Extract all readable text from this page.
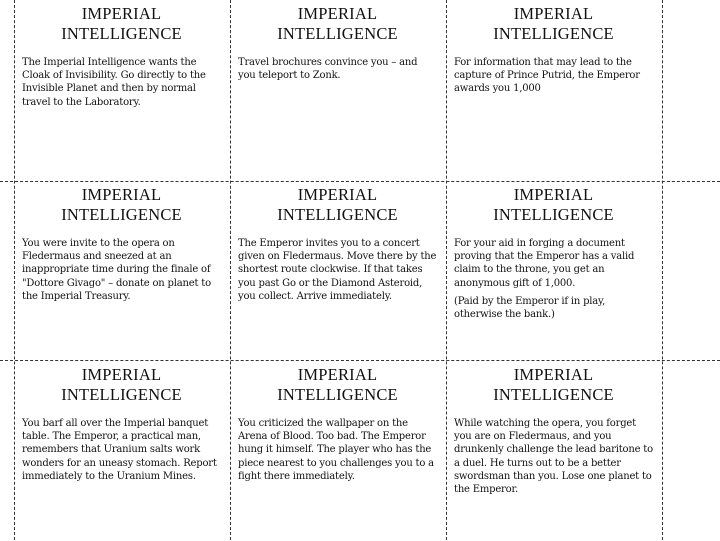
IMPERIAL
INTELLIGENCE
The Imperial Intelligence wants the Cloak of Invisibility. Go directly to the Invisible Planet and then by normal travel to the Laboratory.
IMPERIAL
INTELLIGENCE
Travel brochures convince you – and you teleport to Zonk.
IMPERIAL
INTELLIGENCE
For information that may lead to the capture of Prince Putrid, the Emperor awards you 1,000
IMPERIAL
INTELLIGENCE
You were invite to the opera on Fledermaus and sneezed at an inappropriate time during the finale of "Dottore Givago" – donate on planet to the Imperial Treasury.
IMPERIAL
INTELLIGENCE
The Emperor invites you to a concert given on Fledermaus. Move there by the shortest route clockwise. If that takes you past Go or the Diamond Asteroid, you collect. Arrive immediately.
IMPERIAL
INTELLIGENCE
For your aid in forging a document proving that the Emperor has a valid claim to the throne, you get an anonymous gift of 1,000.
(Paid by the Emperor if in play, otherwise the bank.)
IMPERIAL
INTELLIGENCE
You barf all over the Imperial banquet table. The Emperor, a practical man, remembers that Uranium salts work wonders for an uneasy stomach. Report immediately to the Uranium Mines.
IMPERIAL
INTELLIGENCE
You criticized the wallpaper on the Arena of Blood. Too bad. The Emperor hung it himself. The player who has the piece nearest to you challenges you to a fight there immediately.
IMPERIAL
INTELLIGENCE
While watching the opera, you forget you are on Fledermaus, and you drunkenly challenge the lead baritone to a duel. He turns out to be a better swordsman than you. Lose one planet to the Emperor.
